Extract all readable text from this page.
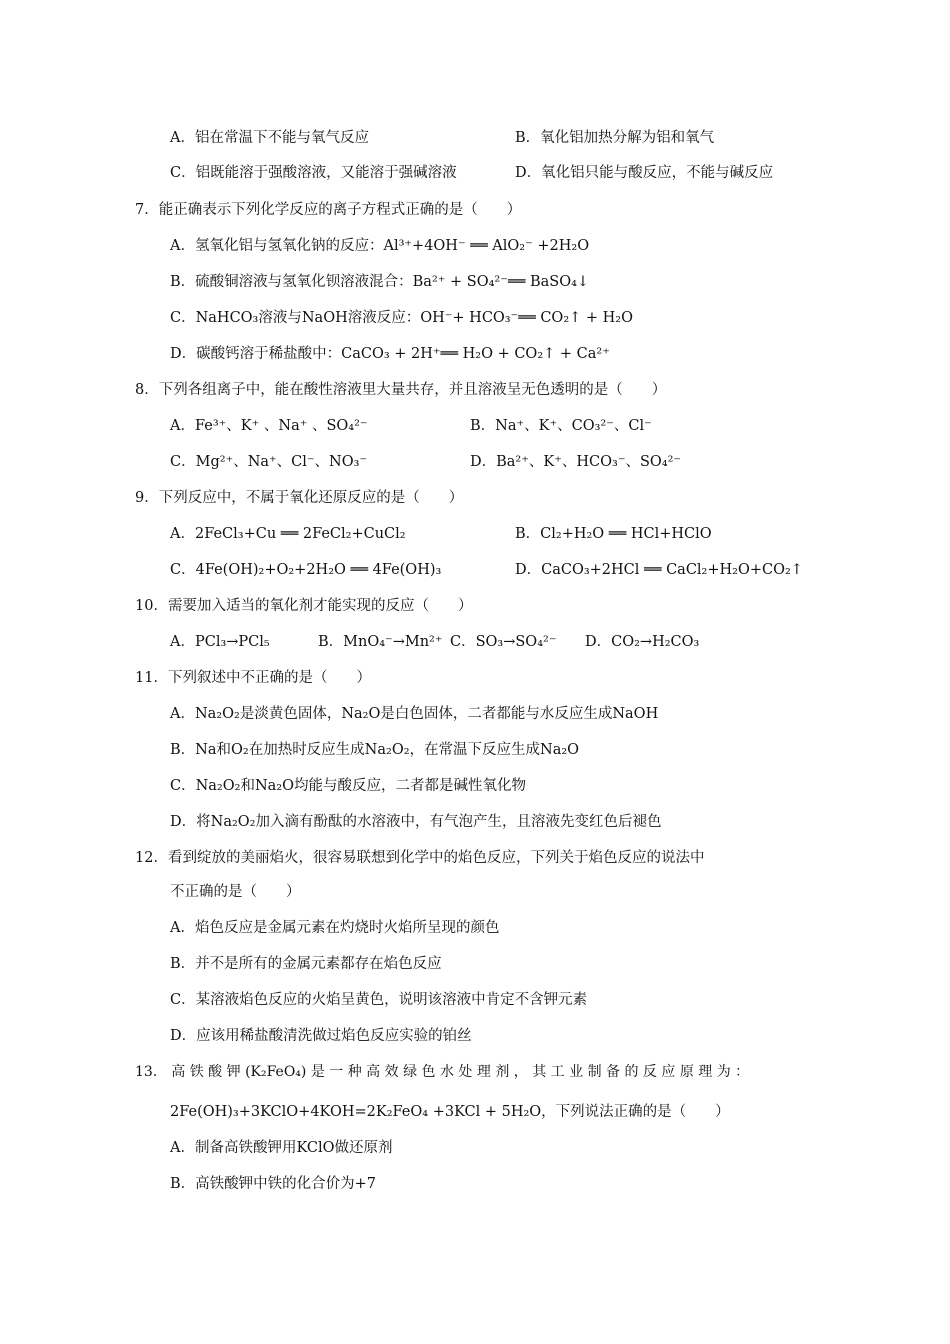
A．铝在常温下不能与氧气反应	B．氧化铝加热分解为铝和氧气
C．铝既能溶于强酸溶液，又能溶于强碱溶液	D．氧化铝只能与酸反应，不能与碱反应
7．能正确表示下列化学反应的离子方程式正确的是（　　）
A．氢氧化铝与氢氧化钠的反应：Al³⁺+4OH⁻ ══ AlO₂⁻ +2H₂O
B．硫酸铜溶液与氢氧化钡溶液混合：Ba²⁺ + SO₄²⁻══ BaSO₄↓
C．NaHCO₃溶液与NaOH溶液反应：OH⁻+ HCO₃⁻══ CO₂↑ + H₂O
D．碳酸钙溶于稀盐酸中：CaCO₃ + 2H⁺══ H₂O + CO₂↑ + Ca²⁺
8．下列各组离子中，能在酸性溶液里大量共存，并且溶液呈无色透明的是（　　）
A．Fe³⁺、K⁺ 、Na⁺ 、SO₄²⁻	B．Na⁺、K⁺、CO₃²⁻、Cl⁻
C．Mg²⁺、Na⁺、Cl⁻、NO₃⁻	D．Ba²⁺、K⁺、HCO₃⁻、SO₄²⁻
9．下列反应中，不属于氧化还原反应的是（　　）
A．2FeCl₃+Cu ══ 2FeCl₂+CuCl₂	B．Cl₂+H₂O ══ HCl+HClO
C．4Fe(OH)₂+O₂+2H₂O ══ 4Fe(OH)₃	D．CaCO₃+2HCl ══ CaCl₂+H₂O+CO₂↑
10．需要加入适当的氧化剂才能实现的反应（　　）
A．PCl₃→PCl₅	B．MnO₄⁻→Mn²⁺ C．SO₃→SO₄²⁻ D．CO₂→H₂CO₃
11．下列叙述中不正确的是（　　）
A．Na₂O₂是淡黄色固体，Na₂O是白色固体，二者都能与水反应生成NaOH
B．Na和O₂在加热时反应生成Na₂O₂，在常温下反应生成Na₂O
C．Na₂O₂和Na₂O均能与酸反应，二者都是碱性氧化物
D．将Na₂O₂加入滴有酚酞的水溶液中，有气泡产生，且溶液先变红色后褪色
12．看到绽放的美丽焰火，很容易联想到化学中的焰色反应，下列关于焰色反应的说法中
不正确的是（　　）
A．焰色反应是金属元素在灼烧时火焰所呈现的颜色
B．并不是所有的金属元素都存在焰色反应
C．某溶液焰色反应的火焰呈黄色，说明该溶液中肯定不含钾元素
D．应该用稀盐酸清洗做过焰色反应实验的铂丝
13． 高 铁 酸 钾 (K₂FeO₄) 是 一 种 高 效 绿 色 水 处 理 剂 ， 其 工 业 制 备 的 反 应 原 理 为 ：
2Fe(OH)₃+3KClO+4KOH=2K₂FeO₄ +3KCl + 5H₂O，下列说法正确的是（　　）
A．制备高铁酸钾用KClO做还原剂
B．高铁酸钾中铁的化合价为+7
